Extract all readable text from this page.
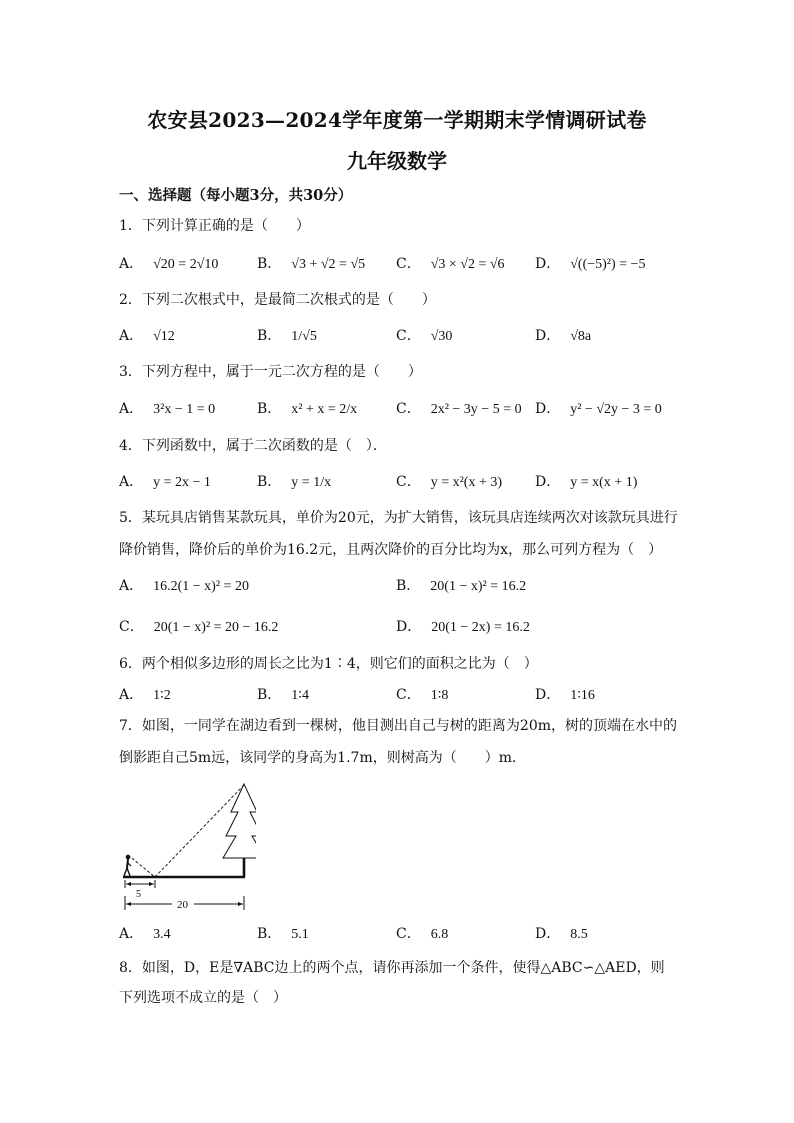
农安县2023—2024学年度第一学期期末学情调研试卷
九年级数学
一、选择题（每小题3分，共30分）
1．下列计算正确的是（　　）
A． √20 = 2√10	B． √3 + √2 = √5 C． √3 × √2 = √6 D． √((−5)²) = −5
2．下列二次根式中，是最简二次根式的是（　　）
A． √12	B． 1/√5	C． √30	D． √8a
3．下列方程中，属于一元二次方程的是（　　）
A． 3²x − 1 = 0	B． x² + x = 2/x	C． 2x² − 3y − 5 = 0 D． y² − √2y − 3 = 0
4．下列函数中，属于二次函数的是（　）．
A． y = 2x − 1	B． y = 1/x	C． y = x²(x + 3) D． y = x(x + 1)
5．某玩具店销售某款玩具，单价为20元，为扩大销售，该玩具店连续两次对该款玩具进行
降价销售，降价后的单价为16.2元，且两次降价的百分比均为x，那么可列方程为（　）
A． 16.2(1 − x)² = 20	B． 20(1 − x)² = 16.2
C． 20(1 − x)² = 20 − 16.2	D． 20(1 − 2x) = 16.2
6．两个相似多边形的周长之比为1∶4，则它们的面积之比为（　）
A． 1∶2	B． 1∶4	C． 1∶8	D． 1∶16
7．如图，一同学在湖边看到一棵树，他目测出自己与树的距离为20m，树的顶端在水中的
倒影距自己5m远，该同学的身高为1.7m，则树高为（　　）m．
5
20
A． 3.4	B． 5.1	C． 6.8	D． 8.5
8．如图，D，E是∇ABC边上的两个点，请你再添加一个条件，使得△ABC∽△AED，则
下列选项不成立的是（　）
